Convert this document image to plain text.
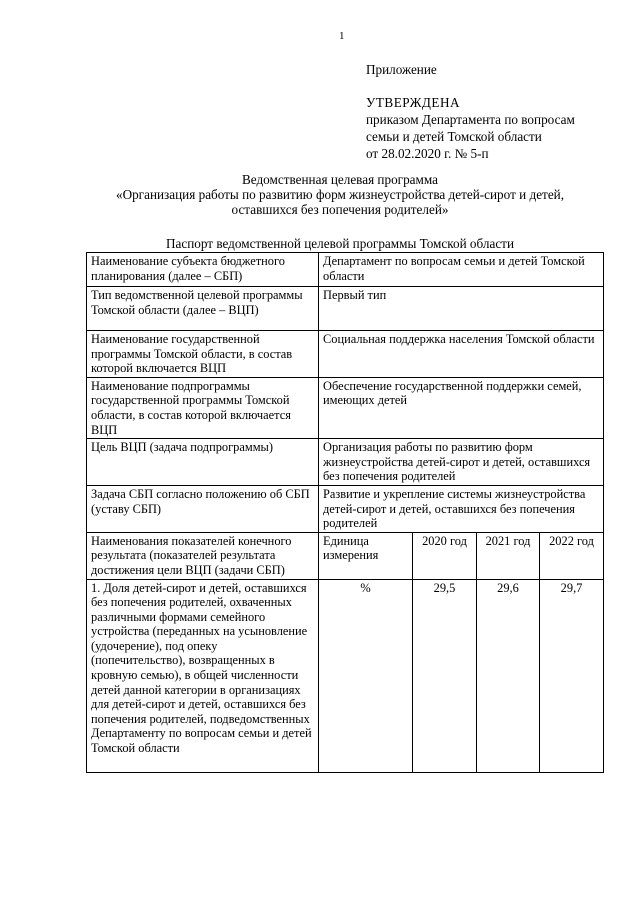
1
Приложение
УТВЕРЖДЕНА
приказом Департамента по вопросам
семьи и детей Томской области
от 28.02.2020 г. № 5-п
Ведомственная целевая программа
«Организация работы по развитию форм жизнеустройства детей-сирот и детей,
оставшихся без попечения родителей»
Паспорт ведомственной целевой программы Томской области
Наименование субъекта бюджетного планирования (далее – СБП)	Департамент по вопросам семьи и детей Томской области			
Тип ведомственной целевой программы Томской области (далее – ВЦП)	Первый тип			
Наименование государственной программы Томской области, в состав которой включается ВЦП	Социальная поддержка населения Томской области			
Наименование подпрограммы государственной программы Томской области, в состав которой включается ВЦП	Обеспечение государственной поддержки семей, имеющих детей			
Цель ВЦП (задача подпрограммы)	Организация работы по развитию форм жизнеустройства детей-сирот и детей, оставшихся без попечения родителей			
Задача СБП согласно положению об СБП (уставу СБП)	Развитие и укрепление системы жизнеустройства детей-сирот и детей, оставшихся без попечения родителей			
Наименования показателей конечного результата (показателей результата достижения цели ВЦП (задачи СБП)	Единица измерения	2020 год	2021 год	2022 год
1. Доля детей-сирот и детей, оставшихся без попечения родителей, охваченных различными формами семейного устройства (переданных на усыновление (удочерение), под опеку (попечительство), возвращенных в кровную семью), в общей численности детей данной категории в организациях для детей-сирот и детей, оставшихся без попечения родителей, подведомственных Департаменту по вопросам семьи и детей Томской области	%	29,5	29,6	29,7
